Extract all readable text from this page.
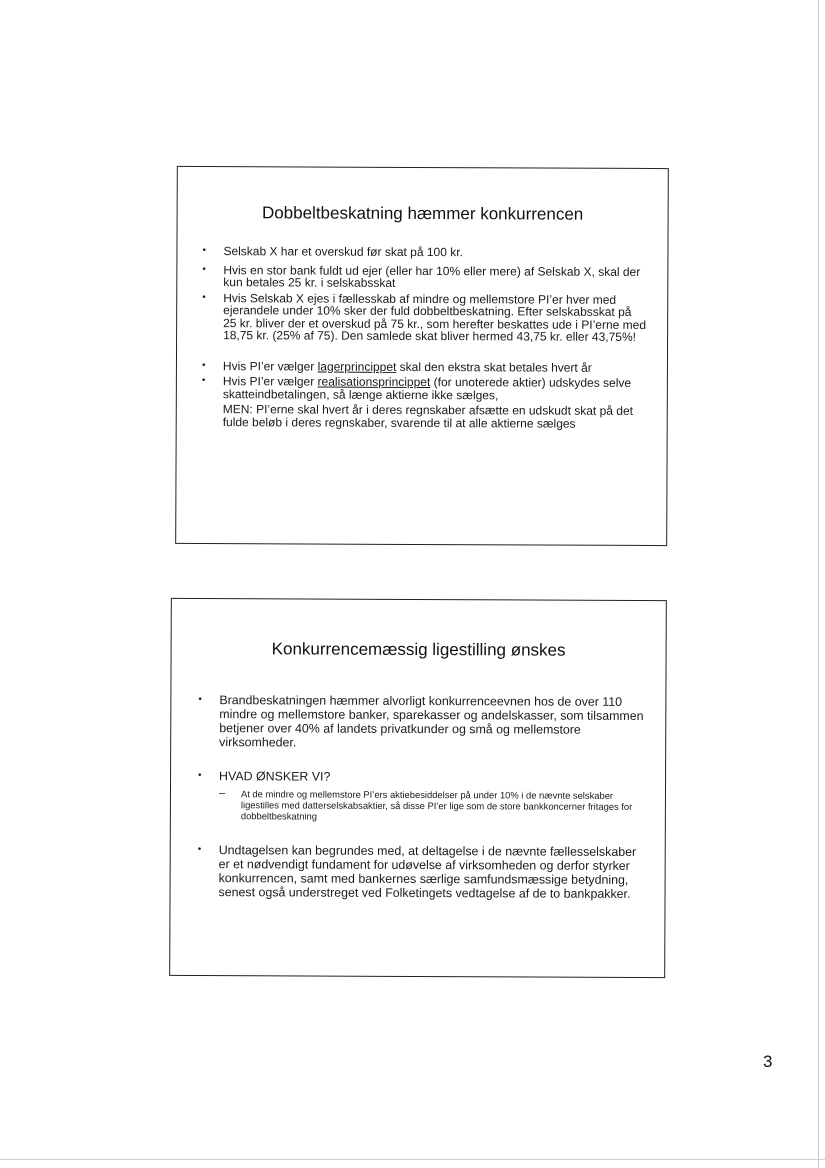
Dobbeltbeskatning hæmmer konkurrencen
• Selskab X har et overskud før skat på 100 kr.
• Hvis en stor bank fuldt ud ejer (eller har 10% eller mere) af Selskab X, skal der kun betales 25 kr. i selskabsskat
• Hvis Selskab X ejes i fællesskab af mindre og mellemstore PI’er hver med ejerandele under 10% sker der fuld dobbeltbeskatning. Efter selskabsskat på 25 kr. bliver der et overskud på 75 kr., som herefter beskattes ude i PI’erne med 18,75 kr. (25% af 75). Den samlede skat bliver hermed 43,75 kr. eller 43,75%!
• Hvis PI’er vælger lagerprincippet skal den ekstra skat betales hvert år
• Hvis PI’er vælger realisationsprincippet (for unoterede aktier) udskydes selve skatteindbetalingen, så længe aktierne ikke sælges,
MEN: PI’erne skal hvert år i deres regnskaber afsætte en udskudt skat på det fulde beløb i deres regnskaber, svarende til at alle aktierne sælges
Konkurrencemæssig ligestilling ønskes
• Brandbeskatningen hæmmer alvorligt konkurrenceevnen hos de over 110 mindre og mellemstore banker, sparekasser og andelskasser, som tilsammen betjener over 40% af landets privatkunder og små og mellemstore virksomheder.
• HVAD ØNSKER VI?
– At de mindre og mellemstore PI’ers aktiebesiddelser på under 10% i de nævnte selskaber ligestilles med datterselskabsaktier, så disse PI’er lige som de store bankkoncerner fritages for dobbeltbeskatning
• Undtagelsen kan begrundes med, at deltagelse i de nævnte fællesselskaber er et nødvendigt fundament for udøvelse af virksomheden og derfor styrker konkurrencen, samt med bankernes særlige samfundsmæssige betydning, senest også understreget ved Folketingets vedtagelse af de to bankpakker.
3
